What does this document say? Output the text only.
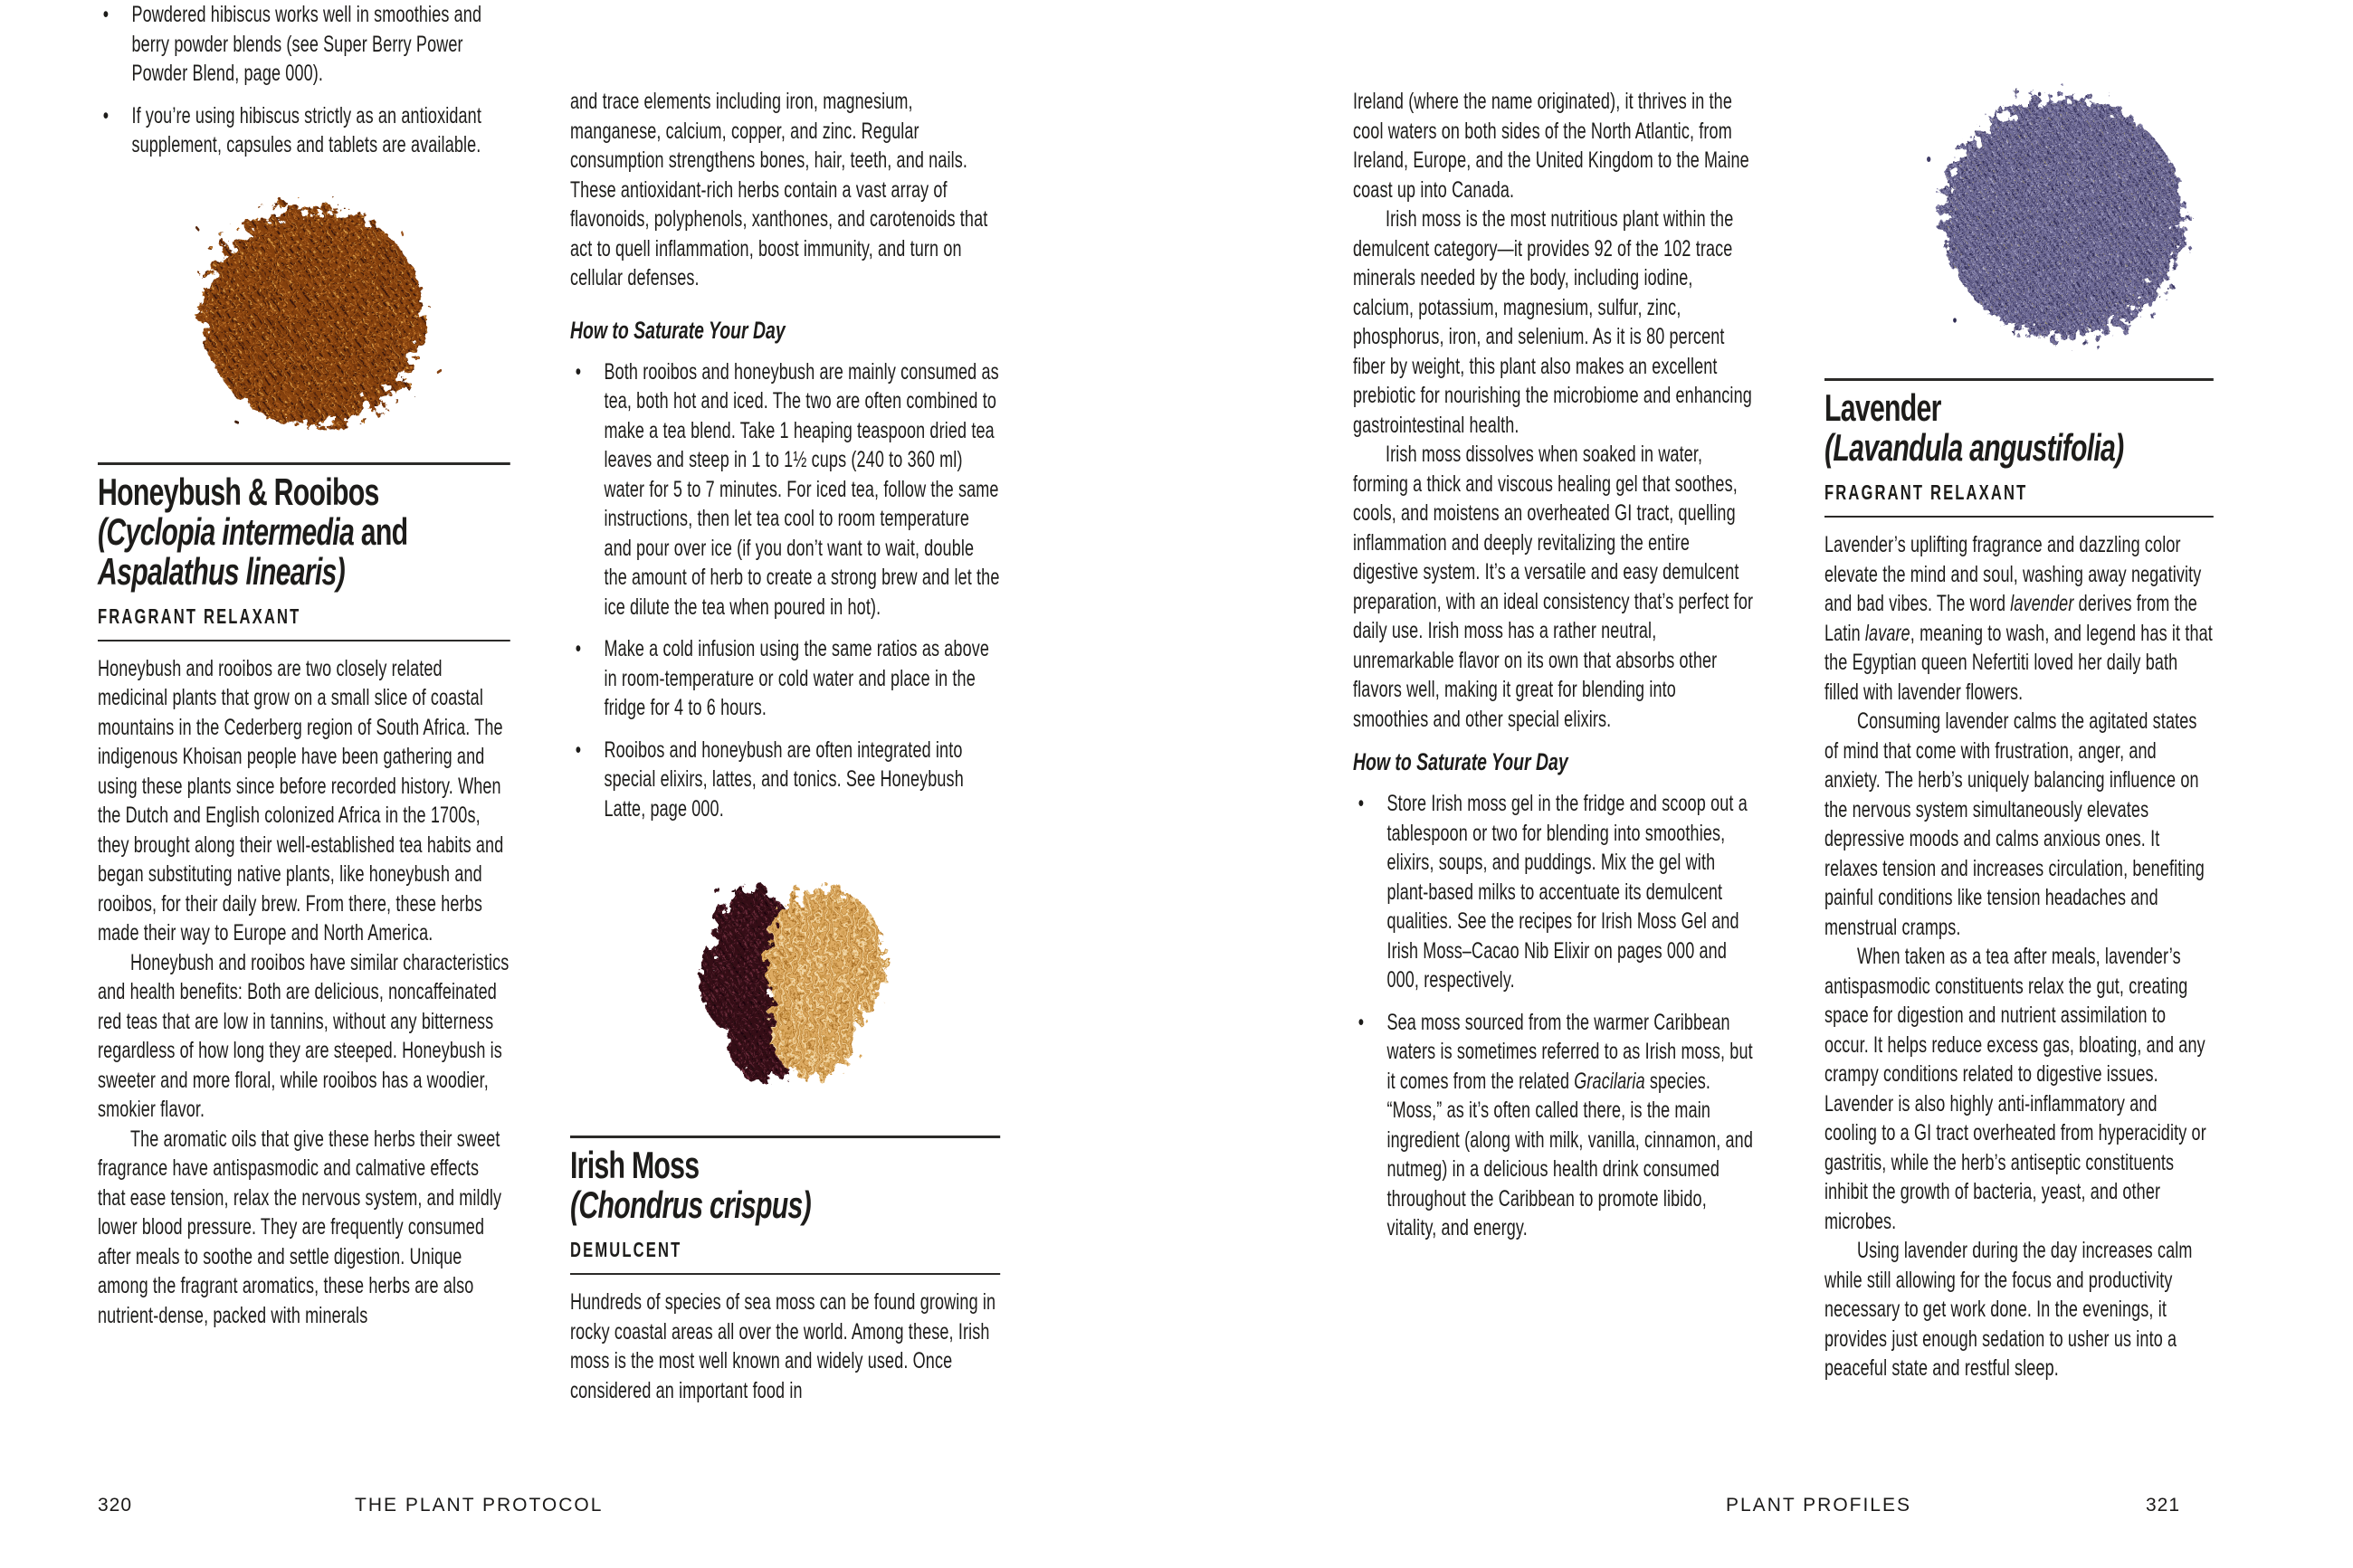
• Powdered hibiscus works well in smoothies and berry powder blends (see Super Berry Power Powder Blend, page 000).
• If you’re using hibiscus strictly as an antioxidant supplement, capsules and tablets are available.
Honeybush & Rooibos
(Cyclopia intermedia and
Aspalathus linearis)
FRAGRANT RELAXANT

Honeybush and rooibos are two closely related medicinal plants that grow on a small slice of coastal mountains in the Cederberg region of South Africa. The indigenous Khoisan people have been gathering and using these plants since before recorded history. When the Dutch and English colonized Africa in the 1700s, they brought along their well-established tea habits and began substituting native plants, like honeybush and rooibos, for their daily brew. From there, these herbs made their way to Europe and North America.

Honeybush and rooibos have similar characteristics and health benefits: Both are delicious, noncaffeinated red teas that are low in tannins, without any bitterness regardless of how long they are steeped. Honeybush is sweeter and more floral, while rooibos has a woodier, smokier flavor.

The aromatic oils that give these herbs their sweet fragrance have antispasmodic and calmative effects that ease tension, relax the nervous system, and mildly lower blood pressure. They are frequently consumed after meals to soothe and settle digestion. Unique among the fragrant aromatics, these herbs are also nutrient-dense, packed with minerals

and trace elements including iron, magnesium, manganese, calcium, copper, and zinc. Regular consumption strengthens bones, hair, teeth, and nails. These antioxidant-rich herbs contain a vast array of flavonoids, polyphenols, xanthones, and carotenoids that act to quell inflammation, boost immunity, and turn on cellular defenses.

How to Saturate Your Day
• Both rooibos and honeybush are mainly consumed as tea, both hot and iced. The two are often combined to make a tea blend. Take 1 heaping teaspoon dried tea leaves and steep in 1 to 1½ cups (240 to 360 ml) water for 5 to 7 minutes. For iced tea, follow the same instructions, then let tea cool to room temperature and pour over ice (if you don’t want to wait, double the amount of herb to create a strong brew and let the ice dilute the tea when poured in hot).
• Make a cold infusion using the same ratios as above in room-temperature or cold water and place in the fridge for 4 to 6 hours.
• Rooibos and honeybush are often integrated into special elixirs, lattes, and tonics. See Honeybush Latte, page 000.
Irish Moss
(Chondrus crispus)
DEMULCENT

Hundreds of species of sea moss can be found growing in rocky coastal areas all over the world. Among these, Irish moss is the most well known and widely used. Once considered an important food in

Ireland (where the name originated), it thrives in the cool waters on both sides of the North Atlantic, from Ireland, Europe, and the United Kingdom to the Maine coast up into Canada.

Irish moss is the most nutritious plant within the demulcent category—it provides 92 of the 102 trace minerals needed by the body, including iodine, calcium, potassium, magnesium, sulfur, zinc, phosphorus, iron, and selenium. As it is 80 percent fiber by weight, this plant also makes an excellent prebiotic for nourishing the microbiome and enhancing gastrointestinal health.

Irish moss dissolves when soaked in water, forming a thick and viscous healing gel that soothes, cools, and moistens an overheated GI tract, quelling inflammation and deeply revitalizing the entire digestive system. It’s a versatile and easy demulcent preparation, with an ideal consistency that’s perfect for daily use. Irish moss has a rather neutral, unremarkable flavor on its own that absorbs other flavors well, making it great for blending into smoothies and other special elixirs.

How to Saturate Your Day
• Store Irish moss gel in the fridge and scoop out a tablespoon or two for blending into smoothies, elixirs, soups, and puddings. Mix the gel with plant-based milks to accentuate its demulcent qualities. See the recipes for Irish Moss Gel and Irish Moss–Cacao Nib Elixir on pages 000 and 000, respectively.
• Sea moss sourced from the warmer Caribbean waters is sometimes referred to as Irish moss, but it comes from the related Gracilaria species. “Moss,” as it’s often called there, is the main ingredient (along with milk, vanilla, cinnamon, and nutmeg) in a delicious health drink consumed throughout the Caribbean to promote libido, vitality, and energy.
Lavender
(Lavandula angustifolia)
FRAGRANT RELAXANT

Lavender’s uplifting fragrance and dazzling color elevate the mind and soul, washing away negativity and bad vibes. The word lavender derives from the Latin lavare, meaning to wash, and legend has it that the Egyptian queen Nefertiti loved her daily bath filled with lavender flowers.

Consuming lavender calms the agitated states of mind that come with frustration, anger, and anxiety. The herb’s uniquely balancing influence on the nervous system simultaneously elevates depressive moods and calms anxious ones. It relaxes tension and increases circulation, benefiting painful conditions like tension headaches and menstrual cramps.

When taken as a tea after meals, lavender’s antispasmodic constituents relax the gut, creating space for digestion and nutrient assimilation to occur. It helps reduce excess gas, bloating, and any crampy conditions related to digestive issues. Lavender is also highly anti-inflammatory and cooling to a GI tract overheated from hyperacidity or gastritis, while the herb’s antiseptic constituents inhibit the growth of bacteria, yeast, and other microbes.

Using lavender during the day increases calm while still allowing for the focus and productivity necessary to get work done. In the evenings, it provides just enough sedation to usher us into a peaceful state and restful sleep.

320	THE PLANT PROTOCOL	PLANT PROFILES	321
